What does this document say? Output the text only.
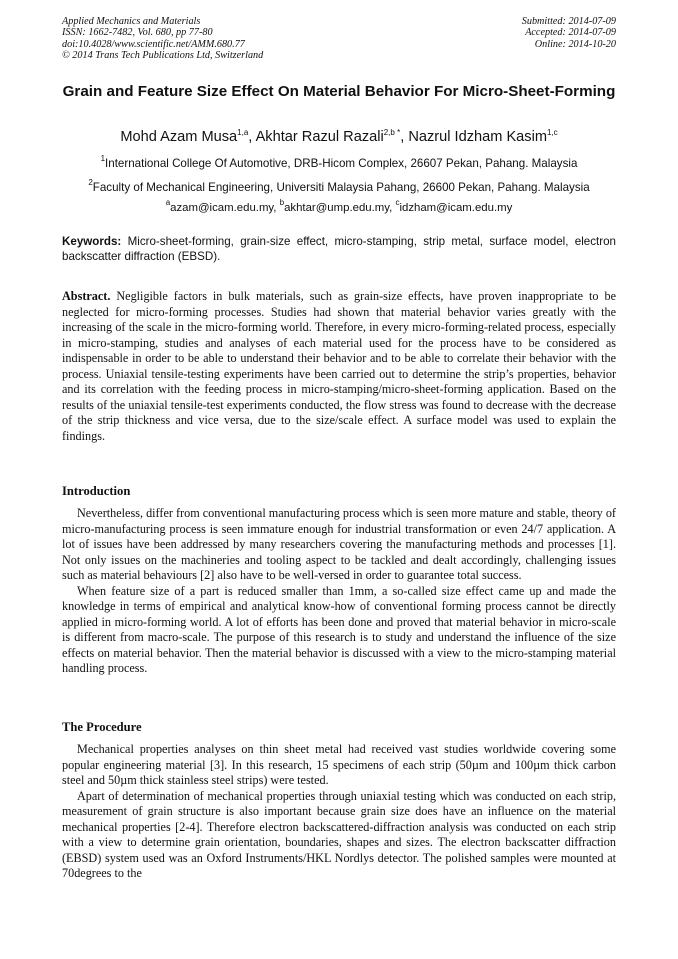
Applied Mechanics and Materials
ISSN: 1662-7482, Vol. 680, pp 77-80
doi:10.4028/www.scientific.net/AMM.680.77
© 2014 Trans Tech Publications Ltd, Switzerland
Submitted: 2014-07-09
Accepted: 2014-07-09
Online: 2014-10-20
Grain and Feature Size Effect On Material Behavior For Micro-Sheet-Forming
Mohd Azam Musa$^{1,a}$, Akhtar Razul Razali$^{2,b *}$, Nazrul Idzham Kasim$^{1,c}$
$^1$International College Of Automotive, DRB-Hicom Complex, 26607 Pekan, Pahang. Malaysia
$^2$Faculty of Mechanical Engineering, Universiti Malaysia Pahang, 26600 Pekan, Pahang. Malaysia
$^a$azam@icam.edu.my, $^b$akhtar@ump.edu.my, $^c$idzham@icam.edu.my
Keywords: Micro-sheet-forming, grain-size effect, micro-stamping, strip metal, surface model, electron backscatter diffraction (EBSD).

Abstract. Negligible factors in bulk materials, such as grain-size effects, have proven inappropriate to be neglected for micro-forming processes. Studies had shown that material behavior varies greatly with the increasing of the scale in the micro-forming world. Therefore, in every micro-forming-related process, especially in micro-stamping, studies and analyses of each material used for the process have to be considered as indispensable in order to be able to understand their behavior and to be able to correlate their behavior with the process. Uniaxial tensile-testing experiments have been carried out to determine the strip’s properties, behavior and its correlation with the feeding process in micro-stamping/micro-sheet-forming application. Based on the results of the uniaxial tensile-test experiments conducted, the flow stress was found to decrease with the decrease of the strip thickness and vice versa, due to the size/scale effect. A surface model was used to explain the findings.

Introduction

Nevertheless, differ from conventional manufacturing process which is seen more mature and stable, theory of micro-manufacturing process is seen immature enough for industrial transformation or even 24/7 application. A lot of issues have been addressed by many researchers covering the manufacturing methods and processes [1]. Not only issues on the machineries and tooling aspect to be tackled and dealt accordingly, challenging issues such as material behaviours [2] also have to be well-versed in order to guarantee total success.

When feature size of a part is reduced smaller than 1mm, a so-called size effect came up and made the knowledge in terms of empirical and analytical know-how of conventional forming process cannot be directly applied in micro-forming world. A lot of efforts has been done and proved that material behavior in micro-scale is different from macro-scale. The purpose of this research is to study and understand the influence of the size effects on material behavior. Then the material behavior is discussed with a view to the micro-stamping material handling process.

The Procedure

Mechanical properties analyses on thin sheet metal had received vast studies worldwide covering some popular engineering material [3]. In this research, 15 specimens of each strip (50µm and 100µm thick carbon steel and 50µm thick stainless steel strips) were tested.

Apart of determination of mechanical properties through uniaxial testing which was conducted on each strip, measurement of grain structure is also important because grain size does have an influence on the material mechanical properties [2-4]. Therefore electron backscattered-diffraction analysis was conducted on each strip with a view to determine grain orientation, boundaries, shapes and sizes. The electron backscatter diffraction (EBSD) system used was an Oxford Instruments/HKL Nordlys detector. The polished samples were mounted at 70degrees to the
